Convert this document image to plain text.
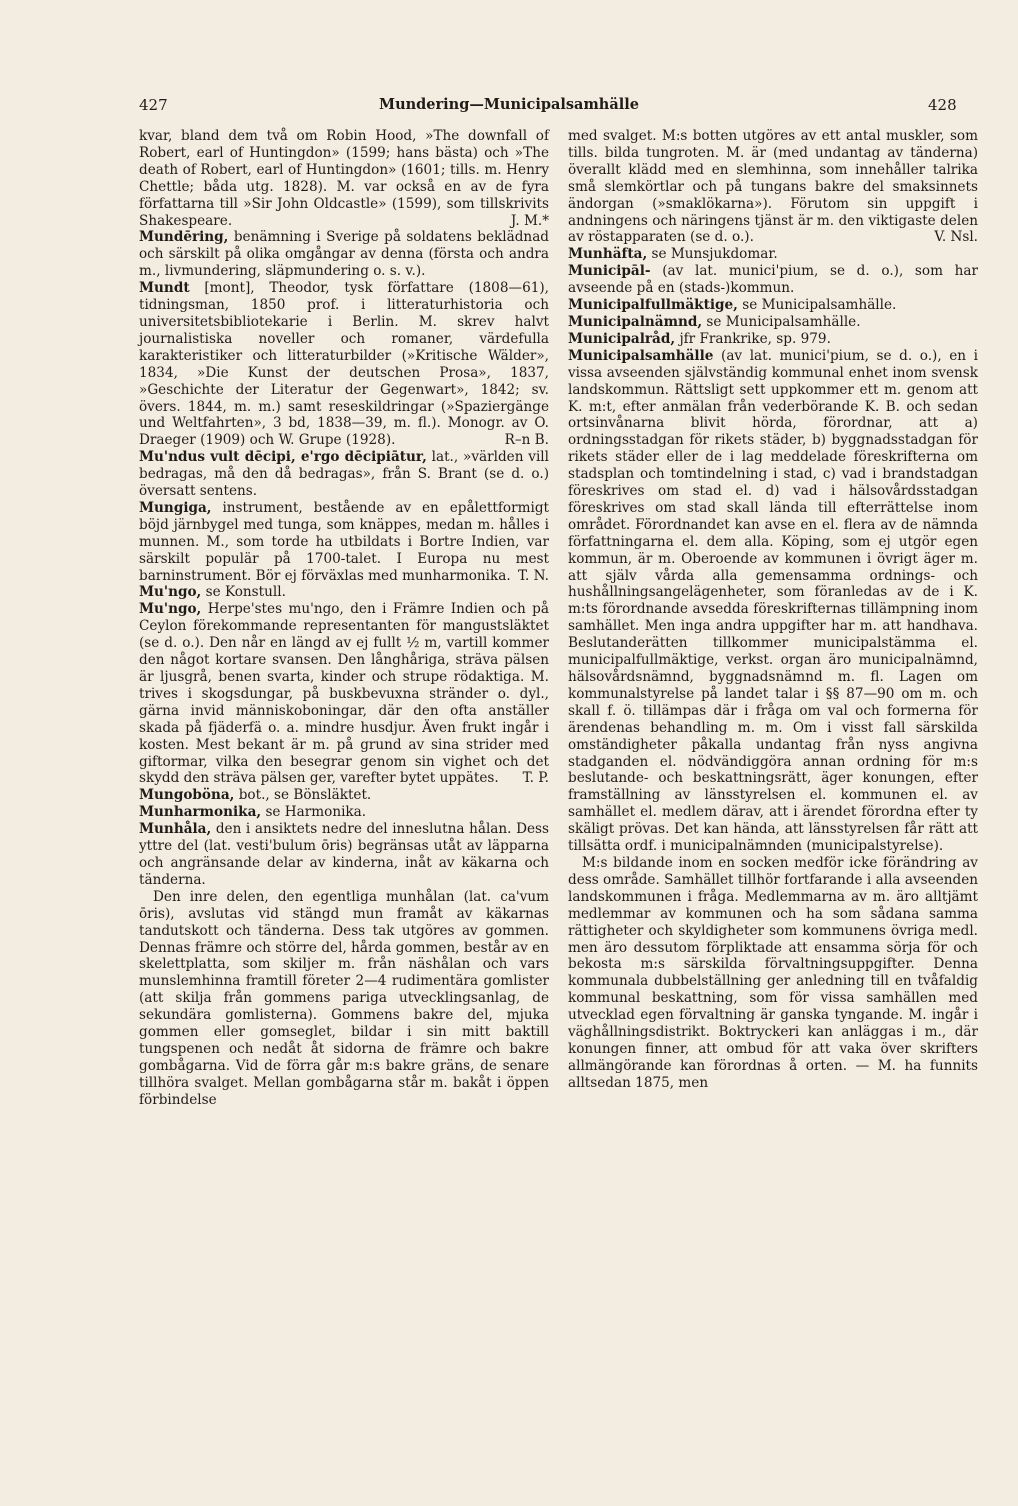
427	Mundering—Municipalsamhälle	428

kvar, bland dem två om Robin Hood, »The downfall of Robert, earl of Huntingdon» (1599; hans bästa) och »The death of Robert, earl of Huntingdon» (1601; tills. m. Henry Chettle; båda utg. 1828). M. var också en av de fyra författarna till »Sir John Oldcastle» (1599), som tillskrivits Shakespeare.	J. M.*

Mundēring, benämning i Sverige på soldatens beklädnad och särskilt på olika omgångar av denna (första och andra m., livmundering, släpmundering o. s. v.).

Mundt [mont], Theodor, tysk författare (1808—61), tidningsman, 1850 prof. i litteraturhistoria och universitetsbibliotekarie i Berlin. M. skrev halvt journalistiska noveller och romaner, värdefulla karakteristiker och litteraturbilder (»Kritische Wälder», 1834, »Die Kunst der deutschen Prosa», 1837, »Geschichte der Literatur der Gegenwart», 1842; sv. övers. 1844, m. m.) samt reseskildringar (»Spaziergänge und Weltfahrten», 3 bd, 1838—39, m. fl.). Monogr. av O. Draeger (1909) och W. Grupe (1928).	R–n B.

Mu'ndus vult dēcipi, e'rgo dēcipiātur, lat., »världen vill bedragas, må den då bedragas», från S. Brant (se d. o.) översatt sentens.

Mungiga, instrument, bestående av en epålettformigt böjd järnbygel med tunga, som knäppes, medan m. hålles i munnen. M., som torde ha utbildats i Bortre Indien, var särskilt populär på 1700-talet. I Europa nu mest barninstrument. Bör ej förväxlas med munharmonika. T. N.

Mu'ngo, se Konstull.

Mu'ngo, Herpe'stes mu'ngo, den i Främre Indien och på Ceylon förekommande representanten för mangustsläktet (se d. o.). Den når en längd av ej fullt ½ m, vartill kommer den något kortare svansen. Den långhåriga, sträva pälsen är ljusgrå, benen svarta, kinder och strupe rödaktiga. M. trives i skogsdungar, på buskbevuxna stränder o. dyl., gärna invid människoboningar, där den ofta anställer skada på fjäderfä o. a. mindre husdjur. Även frukt ingår i kosten. Mest bekant är m. på grund av sina strider med giftormar, vilka den besegrar genom sin vighet och det skydd den sträva pälsen ger, varefter bytet uppätes. T. P.

Mungoböna, bot., se Bönsläktet.

Munharmonika, se Harmonika.

Munhåla, den i ansiktets nedre del inneslutna hålan. Dess yttre del (lat. vesti'bulum ōris) begränsas utåt av läpparna och angränsande delar av kinderna, inåt av käkarna och tänderna.

Den inre delen, den egentliga munhålan (lat. ca'vum ōris), avslutas vid stängd mun framåt av käkarnas tandutskott och tänderna. Dess tak utgöres av gommen. Dennas främre och större del, hårda gommen, består av en skelettplatta, som skiljer m. från näshålan och vars munslemhinna framtill företer 2—4 rudimentära gomlister (att skilja från gommens pariga utvecklingsanlag, de sekundära gomlisterna). Gommens bakre del, mjuka gommen eller gomseglet, bildar i sin mitt baktill tungspenen och nedåt åt sidorna de främre och bakre gombågarna. Vid de förra går m:s bakre gräns, de senare tillhöra svalget. Mellan gombågarna står m. bakåt i öppen förbindelse

med svalget. M:s botten utgöres av ett antal muskler, som tills. bilda tungroten. M. är (med undantag av tänderna) överallt klädd med en slemhinna, som innehåller talrika små slemkörtlar och på tungans bakre del smaksinnets ändorgan (»smaklökarna»). Förutom sin uppgift i andningens och näringens tjänst är m. den viktigaste delen av röstapparaten (se d. o.).	V. Nsl.

Munhäfta, se Munsjukdomar.

Municipāl- (av lat. munici'pium, se d. o.), som har avseende på en (stads-)kommun.

Municipalfullmäktige, se Municipalsamhälle.

Municipalnämnd, se Municipalsamhälle.

Municipalråd, jfr Frankrike, sp. 979.

Municipalsamhälle (av lat. munici'pium, se d. o.), en i vissa avseenden självständig kommunal enhet inom svensk landskommun. Rättsligt sett uppkommer ett m. genom att K. m:t, efter anmälan från vederbörande K. B. och sedan ortsinvånarna blivit hörda, förordnar, att a) ordningsstadgan för rikets städer, b) byggnadsstadgan för rikets städer eller de i lag meddelade föreskrifterna om stadsplan och tomtindelning i stad, c) vad i brandstadgan föreskrives om stad el. d) vad i hälsovårdsstadgan föreskrives om stad skall lända till efterrättelse inom området. Förordnandet kan avse en el. flera av de nämnda författningarna el. dem alla. Köping, som ej utgör egen kommun, är m. Oberoende av kommunen i övrigt äger m. att själv vårda alla gemensamma ordnings- och hushållningsangelägenheter, som föranledas av de i K. m:ts förordnande avsedda föreskrifternas tillämpning inom samhället. Men inga andra uppgifter har m. att handhava. Beslutanderätten tillkommer municipalstämma el. municipalfullmäktige, verkst. organ äro municipalnämnd, hälsovårdsnämnd, byggnadsnämnd m. fl. Lagen om kommunalstyrelse på landet talar i §§ 87—90 om m. och skall f. ö. tillämpas där i fråga om val och formerna för ärendenas behandling m. m. Om i visst fall särskilda omständigheter påkalla undantag från nyss angivna stadganden el. nödvändiggöra annan ordning för m:s beslutande- och beskattningsrätt, äger konungen, efter framställning av länsstyrelsen el. kommunen el. av samhället el. medlem därav, att i ärendet förordna efter ty skäligt prövas. Det kan hända, att länsstyrelsen får rätt att tillsätta ordf. i municipalnämnden (municipalstyrelse).

M:s bildande inom en socken medför icke förändring av dess område. Samhället tillhör fortfarande i alla avseenden landskommunen i fråga. Medlemmarna av m. äro alltjämt medlemmar av kommunen och ha som sådana samma rättigheter och skyldigheter som kommunens övriga medl. men äro dessutom förpliktade att ensamma sörja för och bekosta m:s särskilda förvaltningsuppgifter. Denna kommunala dubbelställning ger anledning till en tvåfaldig kommunal beskattning, som för vissa samhällen med utvecklad egen förvaltning är ganska tyngande. M. ingår i väghållningsdistrikt. Boktryckeri kan anläggas i m., där konungen finner, att ombud för att vaka över skrifters allmängörande kan förordnas å orten. — M. ha funnits alltsedan 1875, men
